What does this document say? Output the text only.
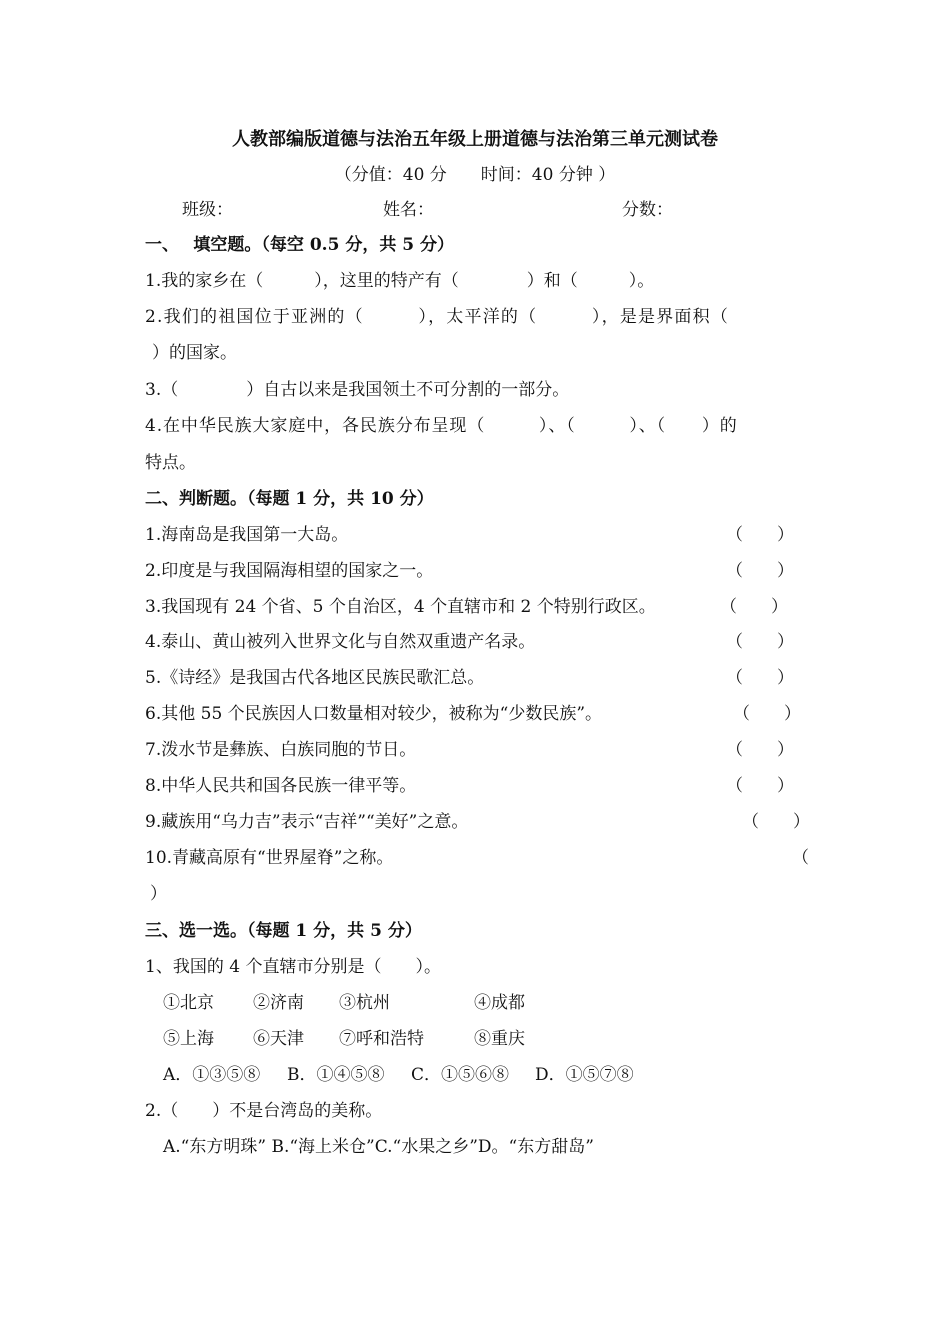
人教部编版道德与法治五年级上册道德与法治第三单元测试卷
（分值：40 分　　时间：40 分钟 ）
班级：	姓名：	分数：
一、　 填空题。（每空 0.5 分，共 5 分）
1.我的家乡在（　　　），这里的特产有（　　　　）和（　　　）。
2.我们的祖国位于亚洲的（　　　），太平洋的（　　　），是是界面积（
）的国家。
3.（　　　　）自古以来是我国领土不可分割的一部分。
4.在中华民族大家庭中，各民族分布呈现（　　　）、（　　　）、（　　）的
特点。
二、判断题。（每题 1 分，共 10 分）
1.海南岛是我国第一大岛。	（　　）
2.印度是与我国隔海相望的国家之一。	（　　）
3.我国现有 24 个省、5 个自治区，4 个直辖市和 2 个特别行政区。	（　　）
4.泰山、黄山被列入世界文化与自然双重遗产名录。	（　　）
5.《诗经》是我国古代各地区民族民歌汇总。	（　　）
6.其他 55 个民族因人口数量相对较少，被称为“少数民族”。	（　　）
7.泼水节是彝族、白族同胞的节日。	（　　）
8.中华人民共和国各民族一律平等。	（　　）
9.藏族用“乌力吉”表示“吉祥”“美好”之意。	（　　）
10.青藏高原有“世界屋脊”之称。	（
）
三、选一选。（每题 1 分，共 5 分）
1、我国的 4 个直辖市分别是（　　）。
①北京 ②济南 ③杭州	④成都
⑤上海 ⑥天津 ⑦呼和浩特	⑧重庆
A．①③⑤⑧ B．①④⑤⑧ C．①⑤⑥⑧ D．①⑤⑦⑧
2.（　　）不是台湾岛的美称。
A.“东方明珠” B.“海上米仓”C.“水果之乡”D。“东方甜岛”
